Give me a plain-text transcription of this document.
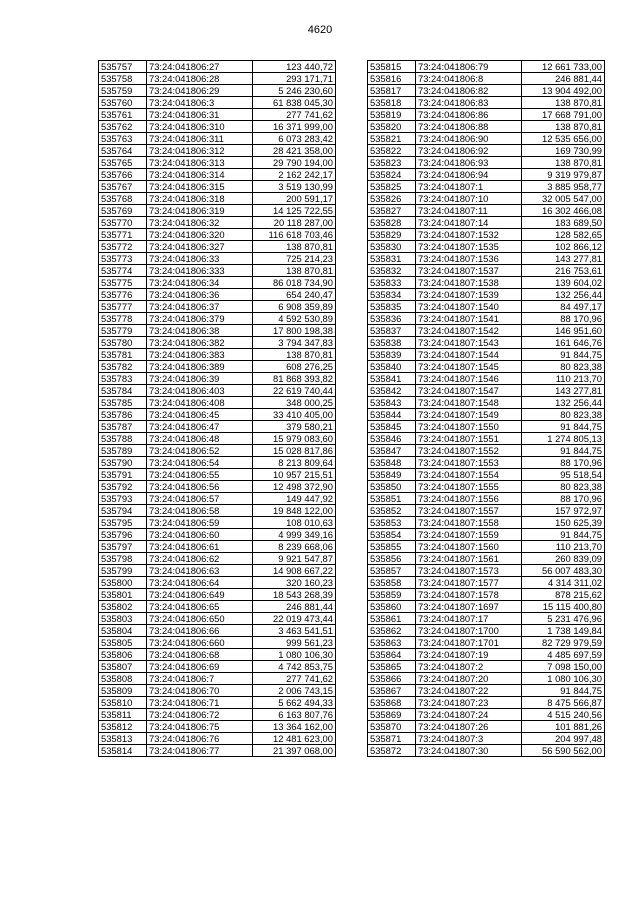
4620
535757	73:24:041806:27	123 440,72
535758	73:24:041806:28	293 171,71
535759	73:24:041806:29	5 246 230,60
535760	73:24:041806:3	61 838 045,30
535761	73:24:041806:31	277 741,62
535762	73:24:041806:310	16 371 999,00
535763	73:24:041806:311	6 073 283,42
535764	73:24:041806:312	28 421 358,00
535765	73:24:041806:313	29 790 194,00
535766	73:24:041806:314	2 162 242,17
535767	73:24:041806:315	3 519 130,99
535768	73:24:041806:318	200 591,17
535769	73:24:041806:319	14 125 722,55
535770	73:24:041806:32	20 118 287,00
535771	73:24:041806:320	116 618 703,46
535772	73:24:041806:327	138 870,81
535773	73:24:041806:33	725 214,23
535774	73:24:041806:333	138 870,81
535775	73:24:041806:34	86 018 734,90
535776	73:24:041806:36	654 240,47
535777	73:24:041806:37	6 908 359,89
535778	73:24:041806:379	4 592 530,89
535779	73:24:041806:38	17 800 198,38
535780	73:24:041806:382	3 794 347,83
535781	73:24:041806:383	138 870,81
535782	73:24:041806:389	608 276,25
535783	73:24:041806:39	81 868 393,82
535784	73:24:041806:403	22 619 740,44
535785	73:24:041806:408	348 000,25
535786	73:24:041806:45	33 410 405,00
535787	73:24:041806:47	379 580,21
535788	73:24:041806:48	15 979 083,60
535789	73:24:041806:52	15 028 817,86
535790	73:24:041806:54	8 213 809,64
535791	73:24:041806:55	10 957 215,51
535792	73:24:041806:56	12 498 372,90
535793	73:24:041806:57	149 447,92
535794	73:24:041806:58	19 848 122,00
535795	73:24:041806:59	108 010,63
535796	73:24:041806:60	4 999 349,16
535797	73:24:041806:61	8 239 668,06
535798	73:24:041806:62	9 921 547,87
535799	73:24:041806:63	14 908 667,22
535800	73:24:041806:64	320 160,23
535801	73:24:041806:649	18 543 268,39
535802	73:24:041806:65	246 881,44
535803	73:24:041806:650	22 019 473,44
535804	73:24:041806:66	3 463 541,51
535805	73:24:041806:660	999 561,23
535806	73:24:041806:68	1 080 106,30
535807	73:24:041806:69	4 742 853,75
535808	73:24:041806:7	277 741,62
535809	73:24:041806:70	2 006 743,15
535810	73:24:041806:71	5 662 494,33
535811	73:24:041806:72	6 163 807,76
535812	73:24:041806:75	13 364 162,00
535813	73:24:041806:76	12 481 623,00
535814	73:24:041806:77	21 397 068,00
535815	73:24:041806:79	12 661 733,00
535816	73:24:041806:8	246 881,44
535817	73:24:041806:82	13 904 492,00
535818	73:24:041806:83	138 870,81
535819	73:24:041806:86	17 668 791,00
535820	73:24:041806:88	138 870,81
535821	73:24:041806:90	12 535 656,00
535822	73:24:041806:92	169 730,99
535823	73:24:041806:93	138 870,81
535824	73:24:041806:94	9 319 979,87
535825	73:24:041807:1	3 885 958,77
535826	73:24:041807:10	32 005 547,00
535827	73:24:041807:11	16 302 466,08
535828	73:24:041807:14	183 689,50
535829	73:24:041807:1532	128 582,65
535830	73:24:041807:1535	102 866,12
535831	73:24:041807:1536	143 277,81
535832	73:24:041807:1537	216 753,61
535833	73:24:041807:1538	139 604,02
535834	73:24:041807:1539	132 256,44
535835	73:24:041807:1540	84 497,17
535836	73:24:041807:1541	88 170,96
535837	73:24:041807:1542	146 951,60
535838	73:24:041807:1543	161 646,76
535839	73:24:041807:1544	91 844,75
535840	73:24:041807:1545	80 823,38
535841	73:24:041807:1546	110 213,70
535842	73:24:041807:1547	143 277,81
535843	73:24:041807:1548	132 256,44
535844	73:24:041807:1549	80 823,38
535845	73:24:041807:1550	91 844,75
535846	73:24:041807:1551	1 274 805,13
535847	73:24:041807:1552	91 844,75
535848	73:24:041807:1553	88 170,96
535849	73:24:041807:1554	95 518,54
535850	73:24:041807:1555	80 823,38
535851	73:24:041807:1556	88 170,96
535852	73:24:041807:1557	157 972,97
535853	73:24:041807:1558	150 625,39
535854	73:24:041807:1559	91 844,75
535855	73:24:041807:1560	110 213,70
535856	73:24:041807:1561	260 839,09
535857	73:24:041807:1573	56 007 483,30
535858	73:24:041807:1577	4 314 311,02
535859	73:24:041807:1578	878 215,62
535860	73:24:041807:1697	15 115 400,80
535861	73:24:041807:17	5 231 476,96
535862	73:24:041807:1700	1 738 149,84
535863	73:24:041807:1701	82 729 979,59
535864	73:24:041807:19	4 485 697,59
535865	73:24:041807:2	7 098 150,00
535866	73:24:041807:20	1 080 106,30
535867	73:24:041807:22	91 844,75
535868	73:24:041807:23	8 475 566,87
535869	73:24:041807:24	4 515 240,56
535870	73:24:041807:26	101 881,26
535871	73:24:041807:3	204 997,48
535872	73:24:041807:30	56 590 562,00
